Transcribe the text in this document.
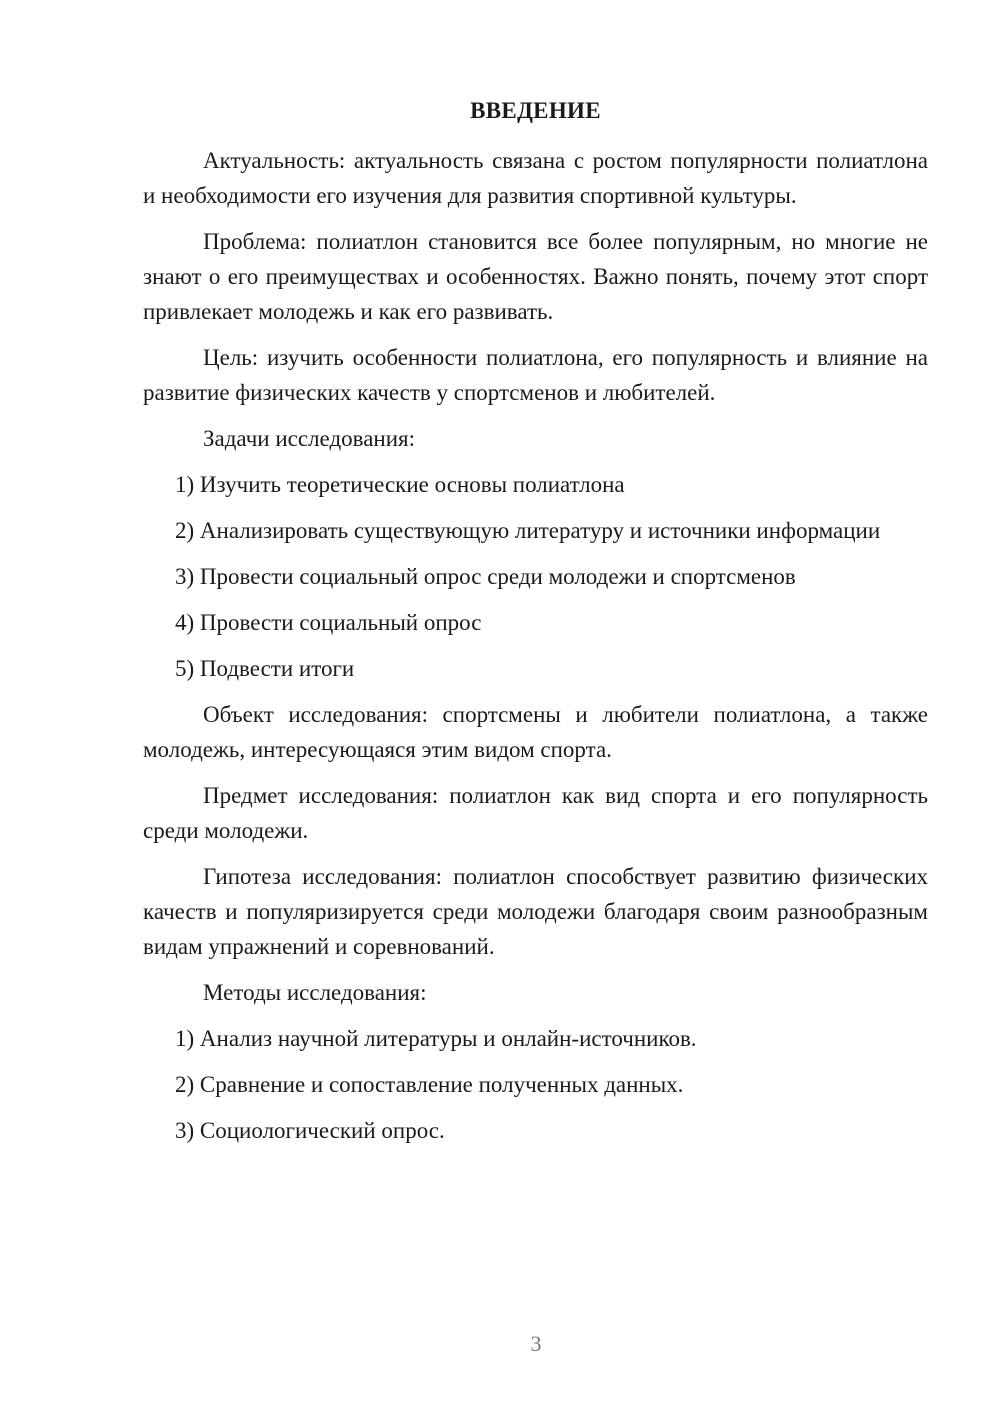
ВВЕДЕНИЕ

Актуальность: актуальность связана с ростом популярности полиатлона и необходимости его изучения для развития спортивной культуры.

Проблема: полиатлон становится все более популярным, но многие не знают о его преимуществах и особенностях. Важно понять, почему этот спорт привлекает молодежь и как его развивать.

Цель: изучить особенности полиатлона, его популярность и влияние на развитие физических качеств у спортсменов и любителей.

Задачи исследования:

1) Изучить теоретические основы полиатлона

2) Анализировать существующую литературу и источники информации

3) Провести социальный опрос среди молодежи и спортсменов

4) Провести социальный опрос

5) Подвести итоги

Объект исследования: спортсмены и любители полиатлона, а также молодежь, интересующаяся этим видом спорта.

Предмет исследования: полиатлон как вид спорта и его популярность среди молодежи.

Гипотеза исследования: полиатлон способствует развитию физических качеств и популяризируется среди молодежи благодаря своим разнообразным видам упражнений и соревнований.

Методы исследования:

1) Анализ научной литературы и онлайн-источников.

2) Сравнение и сопоставление полученных данных.

3) Социологический опрос.

3
